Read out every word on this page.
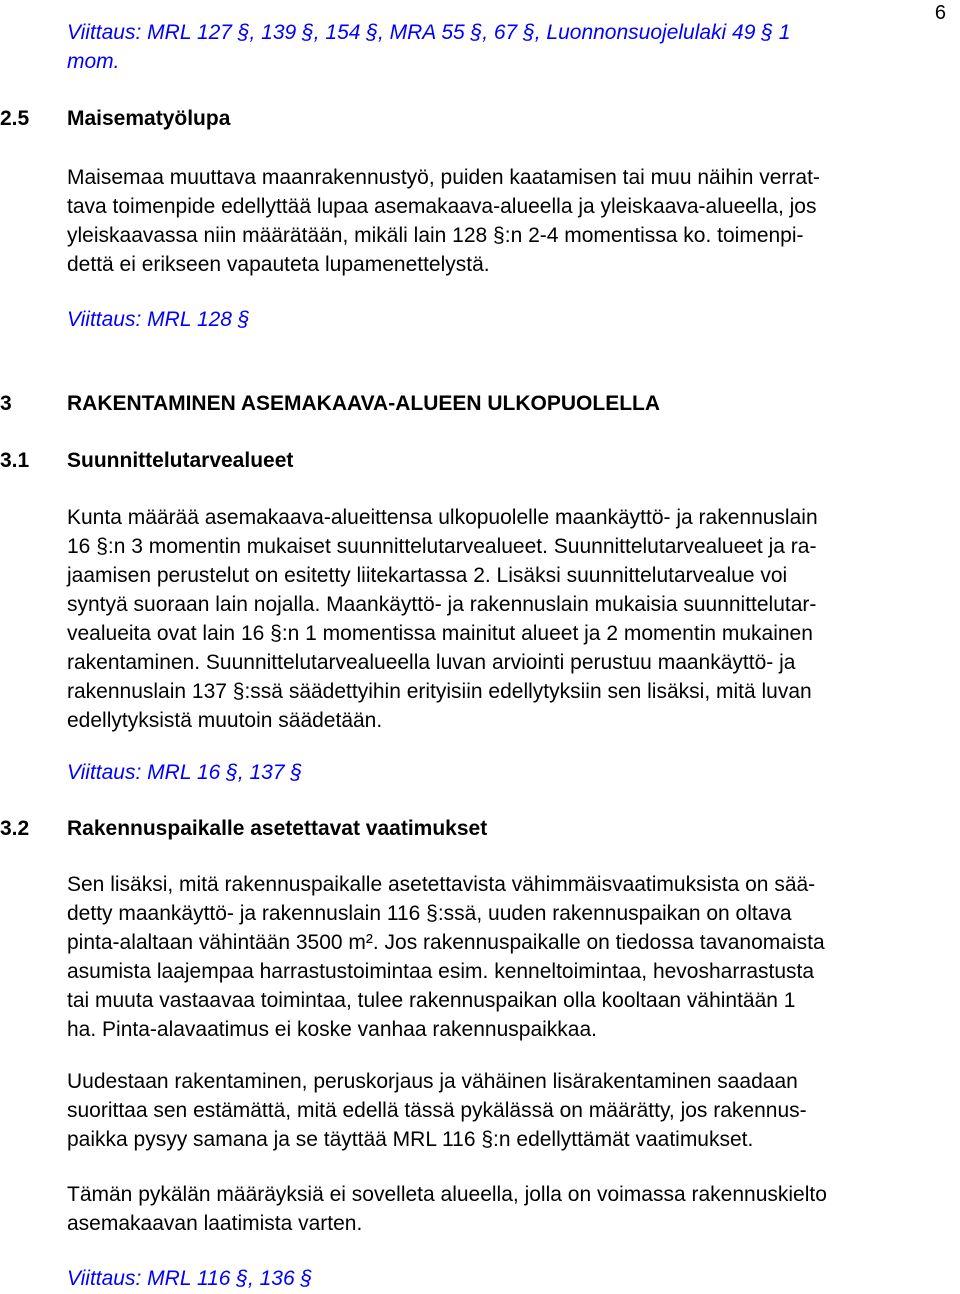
6
Viittaus: MRL 127 §, 139 §, 154 §, MRA 55 §, 67 §, Luonnonsuojelulaki 49 § 1
mom.
2.5 Maisematyölupa
Maisemaa muuttava maanrakennustyö, puiden kaatamisen tai muu näihin verrat-
tava toimenpide edellyttää lupaa asemakaava-alueella ja yleiskaava-alueella, jos
yleiskaavassa niin määrätään, mikäli lain 128 §:n 2-4 momentissa ko. toimenpi-
dettä ei erikseen vapauteta lupamenettelystä.
Viittaus: MRL 128 §
3	RAKENTAMINEN ASEMAKAAVA-ALUEEN ULKOPUOLELLA
3.1 Suunnittelutarvealueet
Kunta määrää asemakaava-alueittensa ulkopuolelle maankäyttö- ja rakennuslain
16 §:n 3 momentin mukaiset suunnittelutarvealueet. Suunnittelutarvealueet ja ra-
jaamisen perustelut on esitetty liitekartassa 2. Lisäksi suunnittelutarvealue voi
syntyä suoraan lain nojalla. Maankäyttö- ja rakennuslain mukaisia suunnittelutar-
vealueita ovat lain 16 §:n 1 momentissa mainitut alueet ja 2 momentin mukainen
rakentaminen. Suunnittelutarvealueella luvan arviointi perustuu maankäyttö- ja
rakennuslain 137 §:ssä säädettyihin erityisiin edellytyksiin sen lisäksi, mitä luvan
edellytyksistä muutoin säädetään.
Viittaus: MRL 16 §, 137 §
3.2 Rakennuspaikalle asetettavat vaatimukset
Sen lisäksi, mitä rakennuspaikalle asetettavista vähimmäisvaatimuksista on sää-
detty maankäyttö- ja rakennuslain 116 §:ssä, uuden rakennuspaikan on oltava
pinta-alaltaan vähintään 3500 m². Jos rakennuspaikalle on tiedossa tavanomaista
asumista laajempaa harrastustoimintaa esim. kenneltoimintaa, hevosharrastusta
tai muuta vastaavaa toimintaa, tulee rakennuspaikan olla kooltaan vähintään 1
ha. Pinta-alavaatimus ei koske vanhaa rakennuspaikkaa.
Uudestaan rakentaminen, peruskorjaus ja vähäinen lisärakentaminen saadaan
suorittaa sen estämättä, mitä edellä tässä pykälässä on määrätty, jos rakennus-
paikka pysyy samana ja se täyttää MRL 116 §:n edellyttämät vaatimukset.
Tämän pykälän määräyksiä ei sovelleta alueella, jolla on voimassa rakennuskielto
asemakaavan laatimista varten.
Viittaus: MRL 116 §, 136 §
